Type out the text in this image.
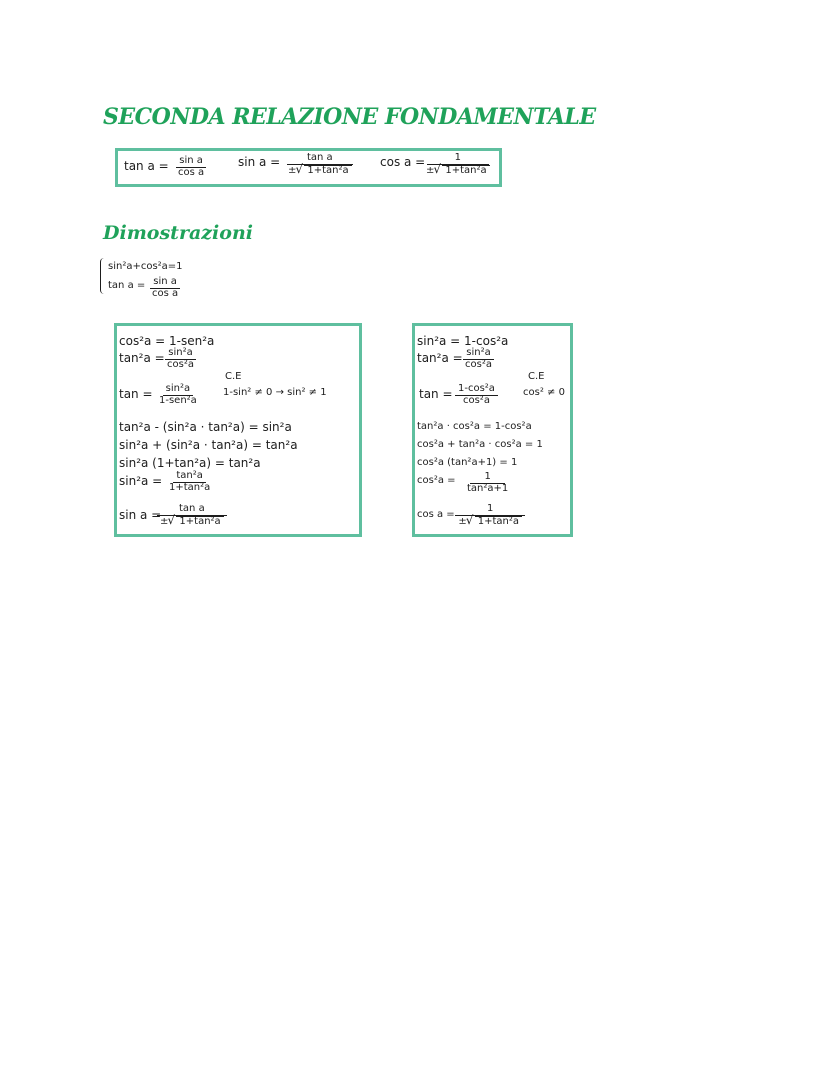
SECONDA RELAZIONE FONDAMENTALE
$\tan a = \frac{\text{sin a}}{\text{cos a}}$	$\sin a = \frac{\text{tan a}}{\text{± √ 1+tan²a}}$ cos a =
$\frac{1}{\text{± √ 1+tan²a}}$
Dimostrazioni
sin²a+cos²a=1
$\tan a = \frac{\text{sin a}}{\text{cos a}}$
cos²a = 1-sen²a
$\tan^2a = \frac{\text{sin²a}}{\text{cos²a}}$
C.E
tan =	sin²a
1-sen²a
1-sin² ≠ 0 → sin² ≠ 1
tan²a - (sin²a · tan²a) = sin²a
sin²a + (sin²a · tan²a) = tan²a
sin²a (1+tan²a) = tan²a
$\sin^2a = \frac{\text{tan²a}}{\text{1+tan²a}}$
sin a =
$\frac{\text{tan a}}{\text{± √ 1+tan²a}}$
sin²a = 1-cos²a
$\tan^2a = \frac{\text{sin²a}}{\text{cos²a}}$
C.E
$\tan = \frac{\text{1-cos²a}}{\text{cos²a}}$	cos² ≠ 0
tan²a · cos²a = 1-cos²a
cos²a + tan²a · cos²a = 1
cos²a (tan²a+1) = 1
$\cos^2a = \frac{1}{\text{tan²a+1}}$
$\cos a = \frac{1}{\text{± √ 1+tan²a}}$
